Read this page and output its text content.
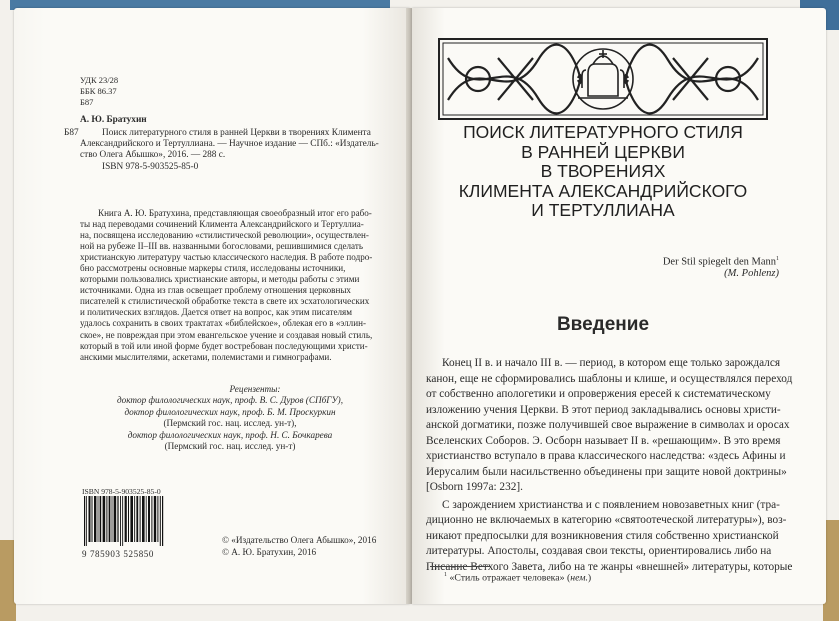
УДК 23/28
ББК 86.37
Б87
А. Ю. Братухин
Б87	Поиск литературного стиля в ранней Церкви в творениях Климента
Александрийского и Тертуллиана. — Научное издание — СПб.: «Издатель-
ство Олега Абышко», 2016. — 288 с.
ISBN 978-5-903525-85-0

Книга А. Ю. Братухина, представляющая своеобразный итог его рабо-

ты над переводами сочинений Климента Александрийского и Тертуллиа-

на, посвящена исследованию «стилистической революции», осуществлен-

ной на рубеже II–III вв. названными богословами, решившимися сделать

христианскую литературу частью классического наследия. В работе подро-

бно рассмотрены основные маркеры стиля, исследованы источники,

которыми пользовались христианские авторы, и методы работы с этими

источниками. Одна из глав освещает проблему отношения церковных

писателей к стилистической обработке текста в свете их эсхатологических

и политических взглядов. Дается ответ на вопрос, как этим писателям

удалось сохранить в своих трактатах «библейское», облекая его в «эллин-

ское», не повреждая при этом евангельское учение и создавая новый стиль,

который в той или иной форме будет востребован последующими христи-

анскими мыслителями, аскетами, полемистами и гимнографами.

Рецензенты:
доктор филологических наук, проф. В. С. Дуров (СПбГУ),
доктор филологических наук, проф. Б. М. Проскуркин
(Пермский гос. нац. исслед. ун-т),
доктор филологических наук, проф. Н. С. Бочкарева
(Пермский гос. нац. исслед. ун-т)
ISBN 978-5-903525-85-0
9 785903 525850
© «Издательство Олега Абышко», 2016
© А. Ю. Братухин, 2016
ПОИСК ЛИТЕРАТУРНОГО СТИЛЯ
В РАННЕЙ ЦЕРКВИ
В ТВОРЕНИЯХ
КЛИМЕНТА АЛЕКСАНДРИЙСКОГО
И ТЕРТУЛЛИАНА
Der Stil spiegelt den Mann$^1$
(M. Pohlenz)
Введение

Конец II в. и начало III в. — период, в котором еще только зарождался

канон, еще не сформировались шаблоны и клише, и осуществлялся переход

от собственно апологетики и опровержения ересей к систематическому

изложению учения Церкви. В этот период закладывались основы христи-

анской догматики, позже получившей свое выражение в символах и оросах

Вселенских Соборов. Э. Осборн называет II в. «решающим». В это время

христианство вступало в права классического наследства: «здесь Афины и

Иерусалим были насильственно объединены при защите новой доктрины»

[Osborn 1997a: 232].

С зарождением христианства и с появлением новозаветных книг (тра-

диционно не включаемых в категорию «святоотеческой литературы»), воз-

никают предпосылки для возникновения стиля собственно христианской

литературы. Апостолы, создавая свои тексты, ориентировались либо на

Писание Ветхого Завета, либо на те жанры «внешней» литературы, которые

$^1$ «Стиль отражает человека» (нем.)
